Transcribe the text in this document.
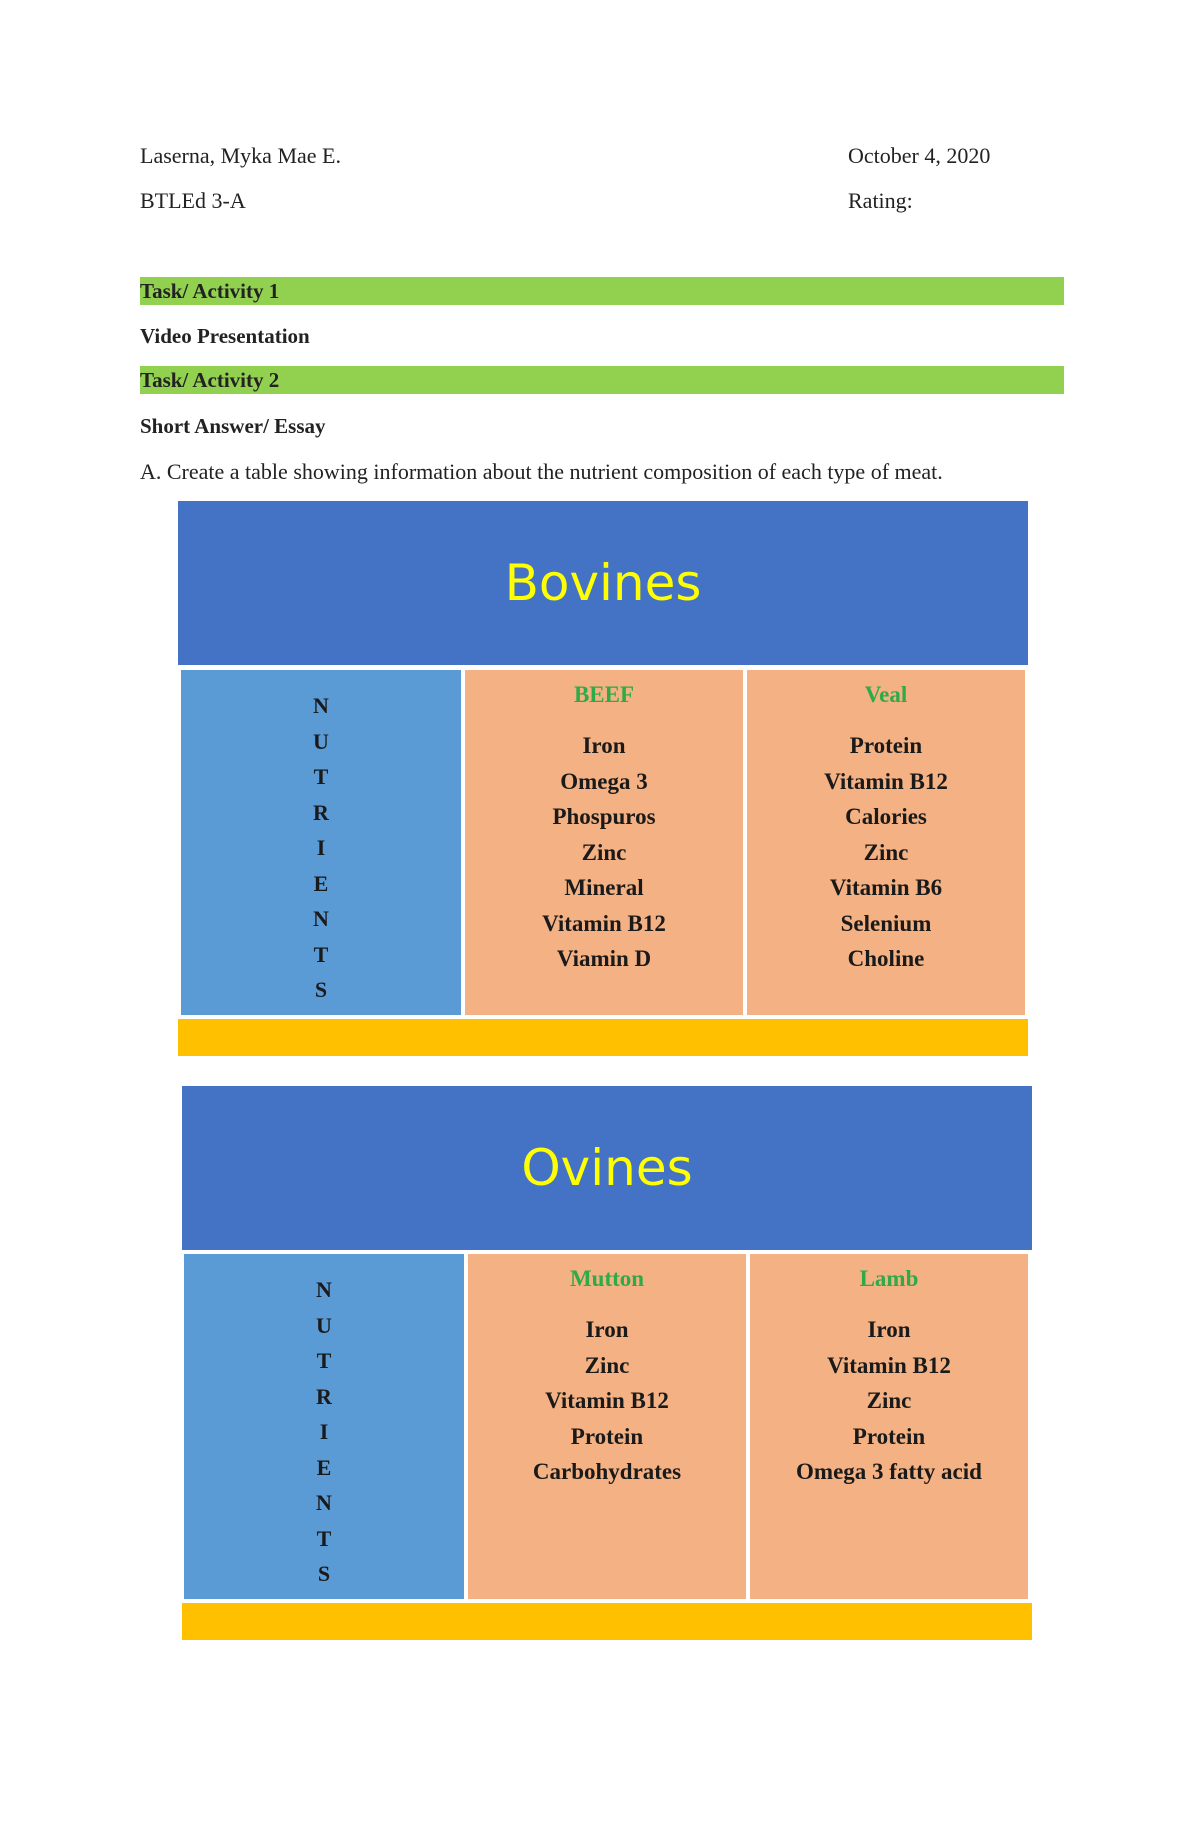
Laserna, Myka Mae E.	October 4, 2020
BTLEd 3-A	Rating:
Task/ Activity 1
Video Presentation
Task/ Activity 2
Short Answer/ Essay
A. Create a table showing information about the nutrient composition of each type of meat.
Bovines
N
U
T
R
I
E
N
T
S
BEEF
Iron
Omega 3
Phospuros
Zinc
Mineral
Vitamin B12
Viamin D
Veal
Protein
Vitamin B12
Calories
Zinc
Vitamin B6
Selenium
Choline
Ovines
N
U
T
R
I
E
N
T
S
Mutton
Iron
Zinc
Vitamin B12
Protein
Carbohydrates
Lamb
Iron
Vitamin B12
Zinc
Protein
Omega 3 fatty acid
